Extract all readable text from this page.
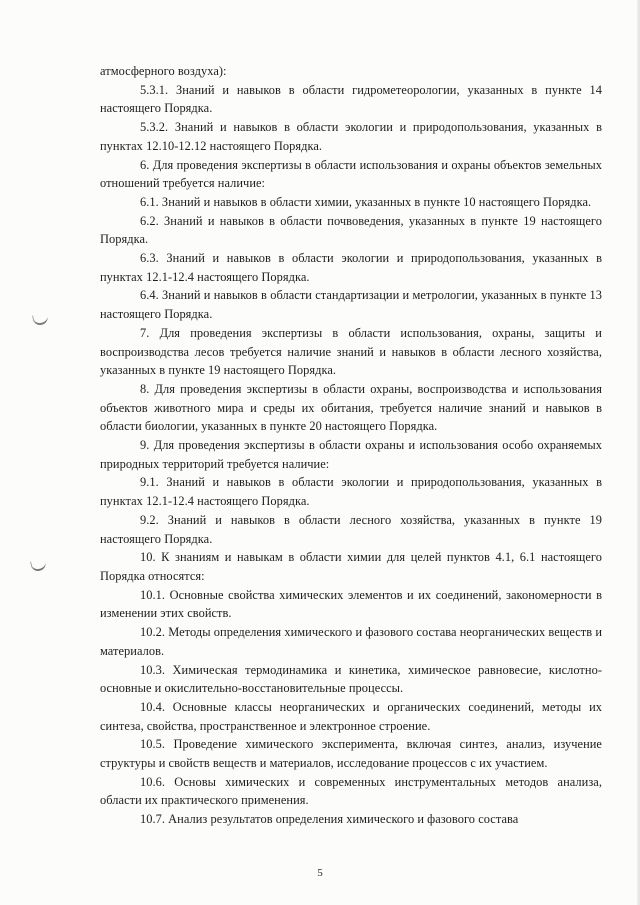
атмосферного воздуха):

5.3.1. Знаний и навыков в области гидрометеорологии, указанных в пункте 14 настоящего Порядка.

5.3.2. Знаний и навыков в области экологии и природопользования, указанных в пунктах 12.10-12.12 настоящего Порядка.

6. Для проведения экспертизы в области использования и охраны объектов земельных отношений требуется наличие:

6.1. Знаний и навыков в области химии, указанных в пункте 10 настоящего Порядка.

6.2. Знаний и навыков в области почвоведения, указанных в пункте 19 настоящего Порядка.

6.3. Знаний и навыков в области экологии и природопользования, указанных в пунктах 12.1-12.4 настоящего Порядка.

6.4. Знаний и навыков в области стандартизации и метрологии, указанных в пункте 13 настоящего Порядка.

7. Для проведения экспертизы в области использования, охраны, защиты и воспроизводства лесов требуется наличие знаний и навыков в области лесного хозяйства, указанных в пункте 19 настоящего Порядка.

8. Для проведения экспертизы в области охраны, воспроизводства и использования объектов животного мира и среды их обитания, требуется наличие знаний и навыков в области биологии, указанных в пункте 20 настоящего Порядка.

9. Для проведения экспертизы в области охраны и использования особо охраняемых природных территорий требуется наличие:

9.1. Знаний и навыков в области экологии и природопользования, указанных в пунктах 12.1-12.4 настоящего Порядка.

9.2. Знаний и навыков в области лесного хозяйства, указанных в пункте 19 настоящего Порядка.

10. К знаниям и навыкам в области химии для целей пунктов 4.1, 6.1 настоящего Порядка относятся:

10.1. Основные свойства химических элементов и их соединений, закономерности в изменении этих свойств.

10.2. Методы определения химического и фазового состава неорганических веществ и материалов.

10.3. Химическая термодинамика и кинетика, химическое равновесие, кислотно-основные и окислительно-восстановительные процессы.

10.4. Основные классы неорганических и органических соединений, методы их синтеза, свойства, пространственное и электронное строение.

10.5. Проведение химического эксперимента, включая синтез, анализ, изучение структуры и свойств веществ и материалов, исследование процессов с их участием.

10.6. Основы химических и современных инструментальных методов анализа, области их практического применения.

10.7. Анализ результатов определения химического и фазового состава

5
